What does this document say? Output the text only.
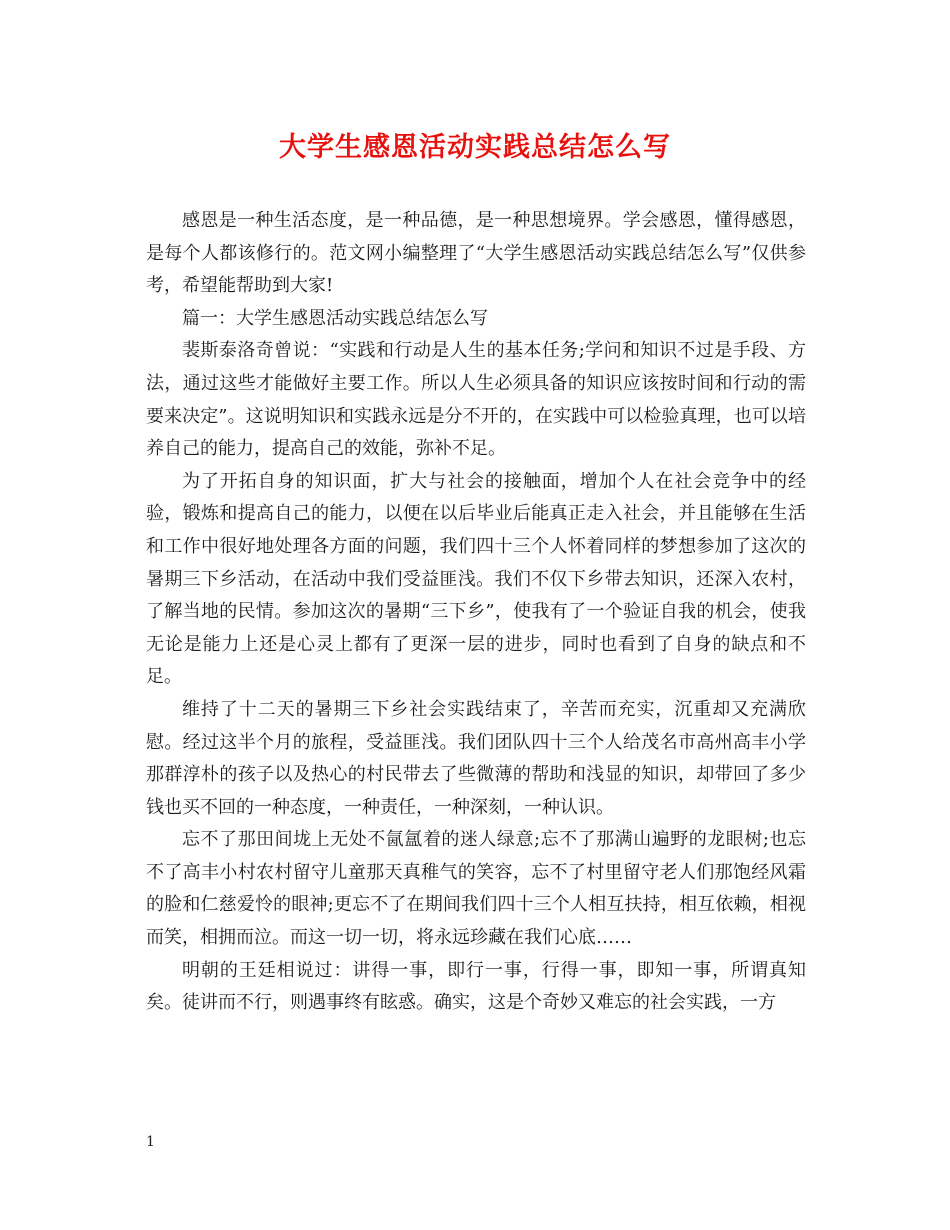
大学生感恩活动实践总结怎么写

感恩是一种生活态度，是一种品德，是一种思想境界。学会感恩，懂得感恩，是每个人都该修行的。范文网小编整理了“大学生感恩活动实践总结怎么写”仅供参考，希望能帮助到大家!

篇一：大学生感恩活动实践总结怎么写

裴斯泰洛奇曾说：“实践和行动是人生的基本任务;学问和知识不过是手段、方法，通过这些才能做好主要工作。所以人生必须具备的知识应该按时间和行动的需要来决定”。这说明知识和实践永远是分不开的，在实践中可以检验真理，也可以培养自己的能力，提高自己的效能，弥补不足。

为了开拓自身的知识面，扩大与社会的接触面，增加个人在社会竞争中的经验，锻炼和提高自己的能力，以便在以后毕业后能真正走入社会，并且能够在生活和工作中很好地处理各方面的问题，我们四十三个人怀着同样的梦想参加了这次的暑期三下乡活动，在活动中我们受益匪浅。我们不仅下乡带去知识，还深入农村，了解当地的民情。参加这次的暑期“三下乡”，使我有了一个验证自我的机会，使我无论是能力上还是心灵上都有了更深一层的进步，同时也看到了自身的缺点和不足。

维持了十二天的暑期三下乡社会实践结束了，辛苦而充实，沉重却又充满欣慰。经过这半个月的旅程，受益匪浅。我们团队四十三个人给茂名市高州高丰小学那群淳朴的孩子以及热心的村民带去了些微薄的帮助和浅显的知识，却带回了多少钱也买不回的一种态度，一种责任，一种深刻，一种认识。

忘不了那田间垅上无处不氤氲着的迷人绿意;忘不了那满山遍野的龙眼树;也忘不了高丰小村农村留守儿童那天真稚气的笑容，忘不了村里留守老人们那饱经风霜的脸和仁慈爱怜的眼神;更忘不了在期间我们四十三个人相互扶持，相互依赖，相视而笑，相拥而泣。而这一切一切，将永远珍藏在我们心底……

明朝的王廷相说过：讲得一事，即行一事，行得一事，即知一事，所谓真知矣。徒讲而不行，则遇事终有眩惑。确实，这是个奇妙又难忘的社会实践，一方

1
